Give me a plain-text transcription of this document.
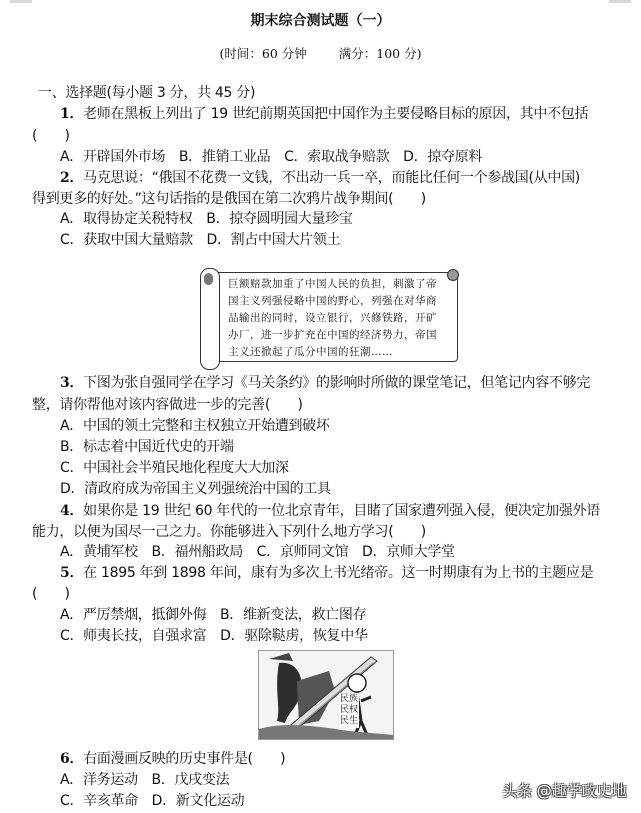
期末综合测试题（一）
(时间：60 分钟	满分：100 分)
一、选择题(每小题 3 分，共 45 分)
1．老师在黑板上列出了 19 世纪前期英国把中国作为主要侵略目标的原因，其中不包括
(　　)
A．开辟国外市场　B．推销工业品　C．索取战争赔款　D．掠夺原料
2．马克思说：“俄国不花费一文钱，不出动一兵一卒，而能比任何一个参战国(从中国)
得到更多的好处。”这句话指的是俄国在第二次鸦片战争期间(　　)
A．取得协定关税特权　B．掠夺圆明园大量珍宝
C．获取中国大量赔款　D．割占中国大片领土
巨额赔款加重了中国人民的负担，刺激了帝
国主义列强侵略中国的野心，列强在对华商
品输出的同时，设立银行，兴修铁路，开矿
办厂，进一步扩充在中国的经济势力，帝国
主义还掀起了瓜分中国的狂潮……
3．下图为张自强同学在学习《马关条约》的影响时所做的课堂笔记，但笔记内容不够完
整，请你帮他对该内容做进一步的完善(　　)
A．中国的领土完整和主权独立开始遭到破坏
B．标志着中国近代史的开端
C．中国社会半殖民地化程度大大加深
D．清政府成为帝国主义列强统治中国的工具
4．如果你是 19 世纪 60 年代的一位北京青年，目睹了国家遭列强入侵，便决定加强外语
能力，以便为国尽一己之力。你能够进入下列什么地方学习(　　)
A．黄埔军校　B．福州船政局　C．京师同文馆　D．京师大学堂
5．在 1895 年到 1898 年间，康有为多次上书光绪帝。这一时期康有为上书的主题应是
(　　)
A．严厉禁烟，抵御外侮　B．维新变法，救亡图存
C．师夷长技，自强求富　D．驱除鞑虏，恢复中华
民族
民权
民生
6．右面漫画反映的历史事件是(　　)
A．洋务运动　B．戊戌变法
C．辛亥革命　D．新文化运动
头条 @趣学政史地
